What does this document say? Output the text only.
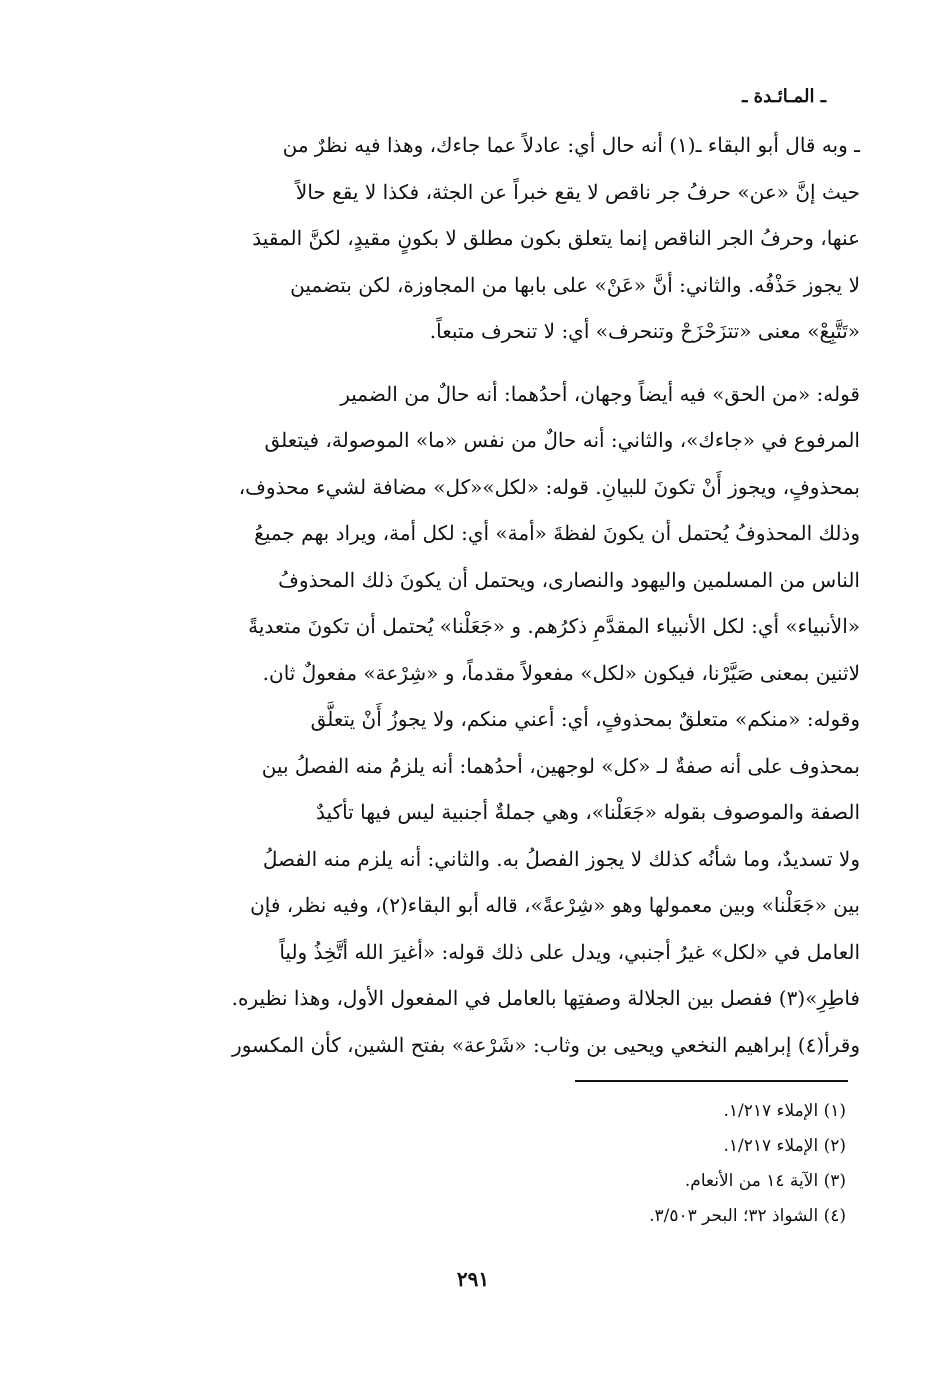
ـ المـائـدة ـ

ـ وبه قال أبو البقاء ـ(١) أنه حال أي: عادلاً عما جاءك، وهذا فيه نظرٌ من

حيث إنَّ «عن» حرفُ جر ناقص لا يقع خبراً عن الجثة، فكذا لا يقع حالاً

عنها، وحرفُ الجر الناقص إنما يتعلق بكون مطلق لا بكونٍ مقيدٍ، لكنَّ المقيدَ

لا يجوز حَذْفُه. والثاني: أنَّ «عَنْ» على بابها من المجاوزة، لكن بتضمين

«تَتَّبِعْ» معنى «تتزَحْزَحْ وتنحرف» أي: لا تنحرف متبعاً.

قوله: «من الحق» فيه أيضاً وجهان، أحدُهما: أنه حالٌ من الضمير

المرفوع في «جاءك»، والثاني: أنه حالٌ من نفس «ما» الموصولة، فيتعلق

بمحذوفٍ، ويجوز أَنْ تكونَ للبيانِ. قوله: «لكل»«كل» مضافة لشيء محذوف،

وذلك المحذوفُ يُحتمل أن يكونَ لفظةَ «أمة» أي: لكل أمة، ويراد بهم جميعُ

الناس من المسلمين واليهود والنصارى، ويحتمل أن يكونَ ذلك المحذوفُ

«الأنبياء» أي: لكل الأنبياء المقدَّمِ ذكرُهم. و «جَعَلْنا» يُحتمل أن تكونَ متعديةً

لاثنين بمعنى صَيَّرْنا، فيكون «لكل» مفعولاً مقدماً، و «شِرْعة» مفعولٌ ثان.

وقوله: «منكم» متعلقٌ بمحذوفٍ، أي: أعني منكم، ولا يجوزُ أَنْ يتعلَّق

بمحذوف على أنه صفةٌ لـ «كل» لوجهين، أحدُهما: أنه يلزمُ منه الفصلُ بين

الصفة والموصوف بقوله «جَعَلْنا»، وهي جملةٌ أجنبية ليس فيها تأكيدٌ

ولا تسديدٌ، وما شأنُه كذلك لا يجوز الفصلُ به. والثاني: أنه يلزم منه الفصلُ

بين «جَعَلْنا» وبين معمولها وهو «شِرْعةً»، قاله أبو البقاء(٢)، وفيه نظر، فإن

العامل في «لكل» غيرُ أجنبي، ويدل على ذلك قوله: «أغيرَ الله أتَّخِذُ ولياً

فاطِرِ»(٣) ففصل بين الجلالة وصفتِها بالعامل في المفعول الأول، وهذا نظيره.

وقرأ(٤) إبراهيم النخعي ويحيى بن وثاب: «شَرْعة» بفتح الشين، كأن المكسور

(١) الإملاء ١/٢١٧.
(٢) الإملاء ١/٢١٧.
(٣) الآية ١٤ من الأنعام.
(٤) الشواذ ٣٢؛ البحر ٣/٥٠٣.
٢٩١
